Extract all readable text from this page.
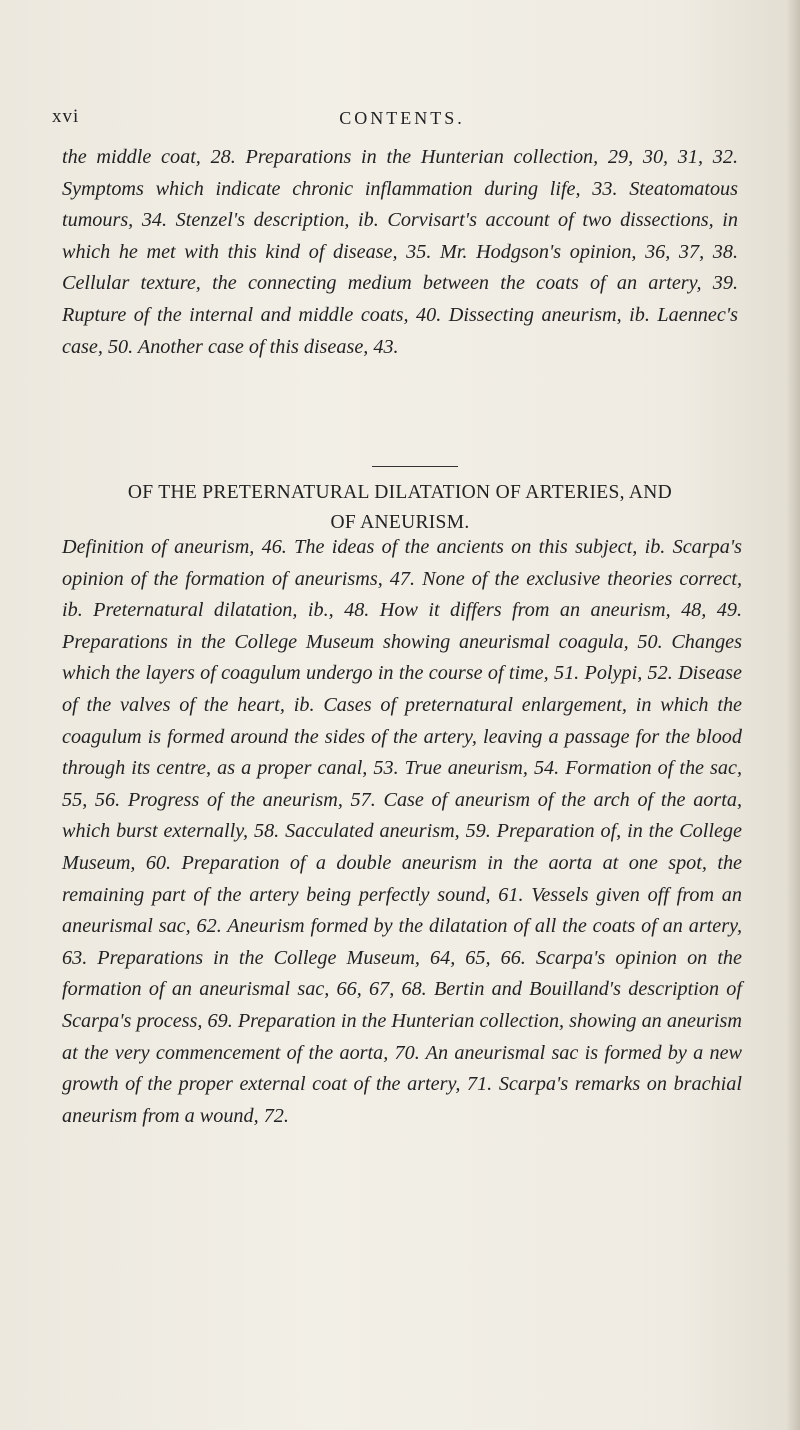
xvi	CONTENTS.

the middle coat, 28. Preparations in the Hunterian collection, 29, 30, 31, 32. Symptoms which indicate chronic inflammation during life, 33. Steatomatous tumours, 34. Stenzel's description, ib. Corvisart's account of two dissections, in which he met with this kind of disease, 35. Mr. Hodgson's opinion, 36, 37, 38. Cellular texture, the connecting medium between the coats of an artery, 39. Rupture of the internal and middle coats, 40. Dissecting aneurism, ib. Laennec's case, 50. Another case of this disease, 43.

OF THE PRETERNATURAL DILATATION OF ARTERIES, AND
OF ANEURISM.

Definition of aneurism, 46. The ideas of the ancients on this subject, ib. Scarpa's opinion of the formation of aneurisms, 47. None of the exclusive theories correct, ib. Preternatural dilatation, ib., 48. How it differs from an aneurism, 48, 49. Preparations in the College Museum showing aneurismal coagula, 50. Changes which the layers of coagulum undergo in the course of time, 51. Polypi, 52. Disease of the valves of the heart, ib. Cases of preternatural enlargement, in which the coagulum is formed around the sides of the artery, leaving a passage for the blood through its centre, as a proper canal, 53. True aneurism, 54. Formation of the sac, 55, 56. Progress of the aneurism, 57. Case of aneurism of the arch of the aorta, which burst externally, 58. Sacculated aneurism, 59. Preparation of, in the College Museum, 60. Preparation of a double aneurism in the aorta at one spot, the remaining part of the artery being perfectly sound, 61. Vessels given off from an aneurismal sac, 62. Aneurism formed by the dilatation of all the coats of an artery, 63. Preparations in the College Museum, 64, 65, 66. Scarpa's opinion on the formation of an aneurismal sac, 66, 67, 68. Bertin and Bouilland's description of Scarpa's process, 69. Preparation in the Hunterian collection, showing an aneurism at the very commencement of the aorta, 70. An aneurismal sac is formed by a new growth of the proper external coat of the artery, 71. Scarpa's remarks on brachial aneurism from a wound, 72.
